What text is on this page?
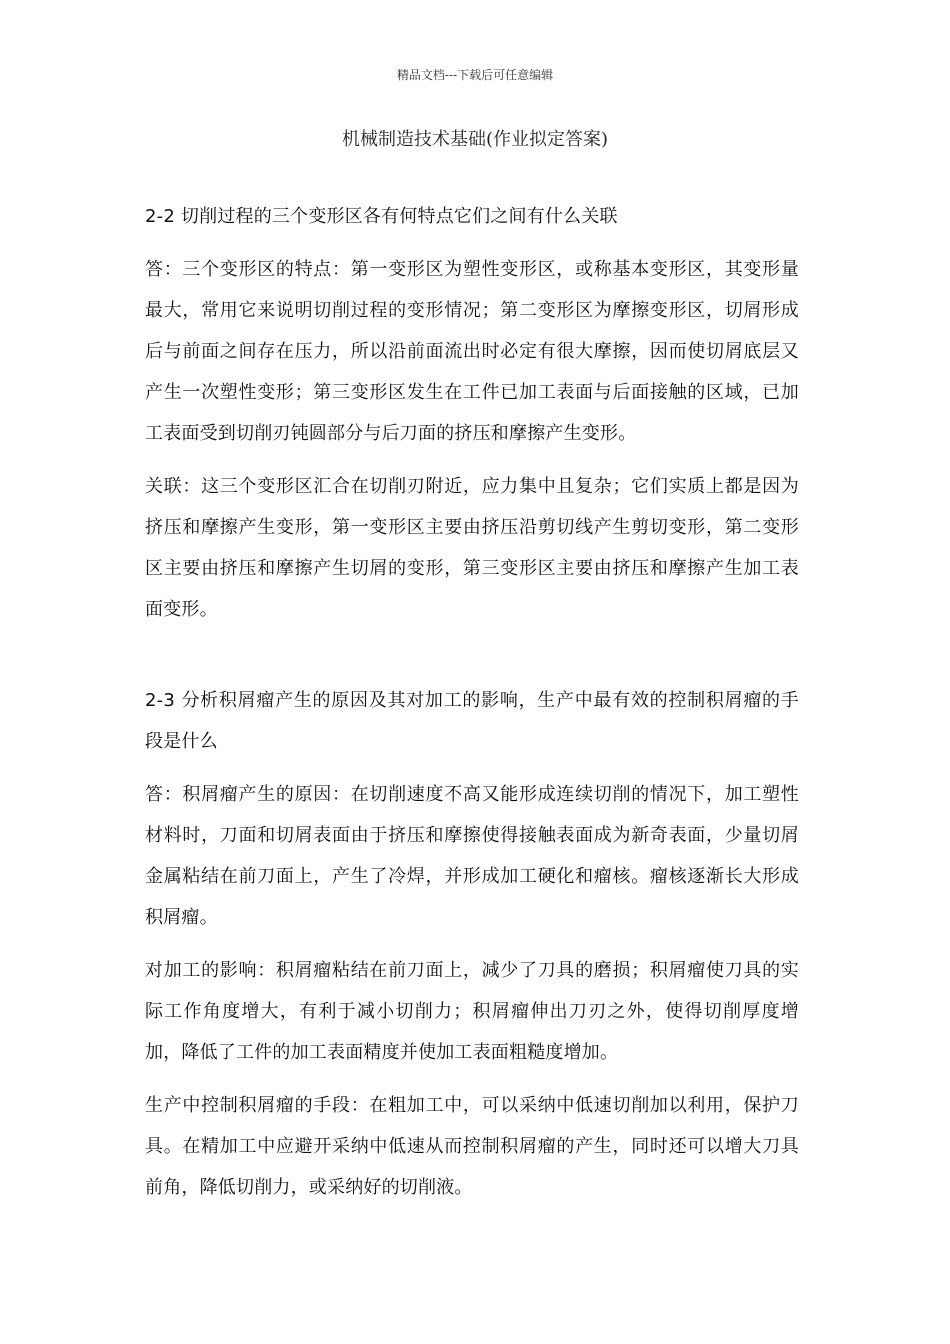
精品文档---下载后可任意编辑
机械制造技术基础(作业拟定答案)

2-2 切削过程的三个变形区各有何特点它们之间有什么关联

答：三个变形区的特点：第一变形区为塑性变形区，或称基本变形区，其变形量最大，常用它来说明切削过程的变形情况；第二变形区为摩擦变形区，切屑形成后与前面之间存在压力，所以沿前面流出时必定有很大摩擦，因而使切屑底层又产生一次塑性变形；第三变形区发生在工件已加工表面与后面接触的区域，已加工表面受到切削刃钝圆部分与后刀面的挤压和摩擦产生变形。

关联：这三个变形区汇合在切削刃附近，应力集中且复杂；它们实质上都是因为挤压和摩擦产生变形，第一变形区主要由挤压沿剪切线产生剪切变形，第二变形区主要由挤压和摩擦产生切屑的变形，第三变形区主要由挤压和摩擦产生加工表面变形。

2-3 分析积屑瘤产生的原因及其对加工的影响，生产中最有效的控制积屑瘤的手段是什么

答：积屑瘤产生的原因：在切削速度不高又能形成连续切削的情况下，加工塑性材料时，刀面和切屑表面由于挤压和摩擦使得接触表面成为新奇表面，少量切屑金属粘结在前刀面上，产生了冷焊，并形成加工硬化和瘤核。瘤核逐渐长大形成积屑瘤。

对加工的影响：积屑瘤粘结在前刀面上，减少了刀具的磨损；积屑瘤使刀具的实际工作角度增大，有利于减小切削力；积屑瘤伸出刀刃之外，使得切削厚度增加，降低了工件的加工表面精度并使加工表面粗糙度增加。

生产中控制积屑瘤的手段：在粗加工中，可以采纳中低速切削加以利用，保护刀具。在精加工中应避开采纳中低速从而控制积屑瘤的产生，同时还可以增大刀具前角，降低切削力，或采纳好的切削液。
